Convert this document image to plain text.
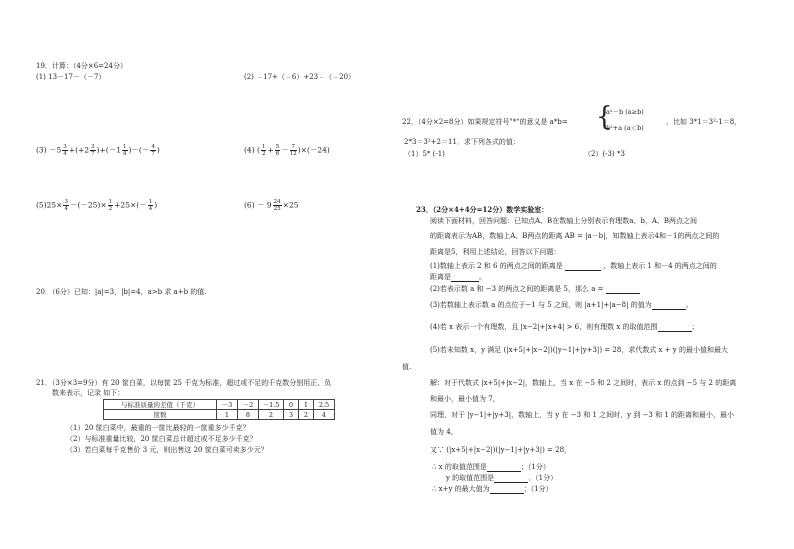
19．计算：（4分×6=24分）
(1) 13－17－（－7）	(2) ﹣17+（﹣6）+23﹣（﹣20）
$(3) -5 \frac{3}{4} +(+2 \frac{3}{7} )+(-1 \frac{1}{4}$ )－(－ $\frac{4}{7}$ )	(4) ( $\frac{1}{2} + \frac{5}{6} - \frac{7}{12} )\times(-24)$
$(5)25\times \frac{3}{4} -(-25)\times \frac{1}{2} +25\times(- \frac{1}{4}$ )	$(6) - 9 \frac{24}{25} \times 25$
20．（6分）已知：|a|=3，|b|=4，a>b 求 a+b 的值.
21．（3分×3=9分）有 20 筐白菜，以每筐 25 千克为标准，超过或不足的千克数分别用正、负
数来表示，记录 如下：
与标准质量的差值（千克）	－3	－2	－1.5	0	1	2.5
筐数	1	8	2	3	2	4
（1）20 筐白菜中，最重的一筐比最轻的一筐重多少千克？
（2）与标准重量比较，20 筐白菜总计超过或不足多少千克？
（3）若白菜每千克售价 3 元，则出售这 20 筐白菜可卖多少元？
22．（4分×2=8分）如果规定符号"*"的意义是 a*b= {
a²－b (a≥b)
b²+a (a＜b)
，比如 3*1＝3²-1＝8，
2*3＝3²+2＝11．求下列各式的值：
（1）5* (-1)	（2）(-3) *3
23．（2分×4+4分=12分）数学实验室：
阅读下面材料，回答问题：已知点A、B在数轴上分别表示有理数a、b，A、B两点之间
的距离表示为AB，数轴上A、B两点的距离 AB = |a－b|，知数轴上表示4和－1的两点之间的
距离是5，利用上述结论，回答以下问题：
(1)数轴上表示 2 和 6 的两点之间的距离是	，数轴上表示 1 和－4 的两点之间的
距离是	。
(2)若表示数 a 和 −3 的两点之间的距离是 5，那么 a =
(3)若数轴上表示数 a 的点位于−1 与 5 之间，则 |a+1|+|a−8| 的值为	。
(4)若 x 表示一个有理数，且 |x−2|+|x+4| > 6，则有理数 x 的取值范围	；
(5)若未知数 x，y 满足 (|x+5|+|x−2|)(|y−1|+|y+3|) = 28，求代数式 x + y 的最小值和最大
值.
解：对于代数式 |x+5|+|x−2|，数轴上，当 x 在 −5 和 2 之间时，表示 x 的点到 −5 与 2 的距离
和最小，最小值为 7，
同理，对于 |y−1|+|y+3|，数轴上，当 y 在 −3 和 1 之间时，y 到 −3 和 1 的距离和最小，最小
值为 4，
又∵ (|x+5|+|x−2|)(|y−1|+|y+3|) = 28，
∴ x 的取值范围是	；（1分）
y 的取值范围是	．（1分）
∴ x+y 的最大值为	；（1分）
